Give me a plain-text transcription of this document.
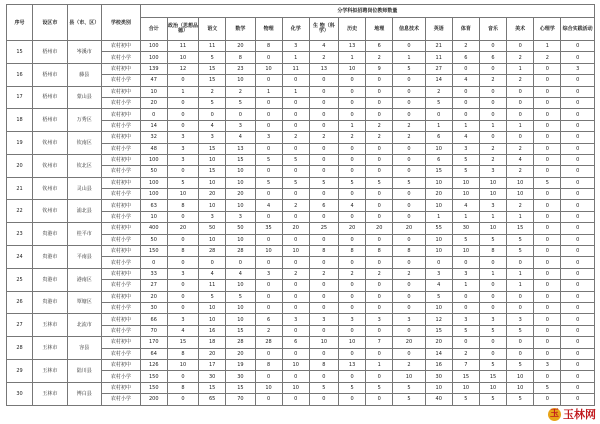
序号	设区市	县（市、区）	学校类别	分学科拟招聘岗位教师数量															
				合计	政治（思想品德）	语文	数学	物理	化学	生 物（科学）	历史	地理	信息技术	英语	体育	音乐	美术	心理学	综合实践活动
15	梧州市	岑溪市	农村初中	100	11	11	20	8	3	4	13	6	0	21	2	0	0	1	0
			农村小学	100	10	5	8	0	1	2	1	2	1	11	6	6	2	2	0
16	梧州市	藤县	农村初中	139	12	15	23	10	11	13	10	9	5	27	0	0	1	0	3
			农村小学	47	0	15	10	0	0	0	0	0	0	14	4	2	2	0	0
17	梧州市	蒙山县	农村初中	10	1	2	2	1	1	0	0	0	0	2	0	0	0	0	0
			农村小学	20	0	5	5	0	0	0	0	0	0	5	0	0	0	0	0
18	梧州市	万秀区	农村初中	0	0	0	0	0	0	0	0	0	0	0	0	0	0	0	0
			农村小学	14	0	4	3	0	0	0	1	2	2	1	1	1	1	0	0
19	钦州市	钦南区	农村初中	32	3	3	4	3	2	2	2	2	2	6	4	0	0	0	0
			农村小学	48	3	15	13	0	0	0	0	0	0	10	3	2	2	0	0
20	钦州市	钦北区	农村初中	100	3	10	15	5	5	0	0	0	0	6	5	2	4	0	0
			农村小学	50	0	15	10	0	0	0	0	0	0	15	5	3	2	0	0
21	钦州市	灵山县	农村初中	100	5	10	10	5	5	5	5	5	5	10	10	10	10	5	0
			农村小学	100	10	20	20	0	0	0	0	0	0	20	10	10	10	0	0
22	钦州市	浦北县	农村初中	63	8	10	10	4	2	6	4	0	0	10	4	3	2	0	0
			农村小学	10	0	3	3	0	0	0	0	0	0	1	1	1	1	0	0
23	贵港市	桂平市	农村初中	400	20	50	50	35	20	25	20	20	20	55	30	10	15	0	0
			农村小学	50	0	10	10	0	0	0	0	0	0	10	5	5	5	0	0
24	贵港市	平南县	农村初中	150	8	28	28	10	10	8	8	8	8	10	10	8	5	0	0
			农村小学	0	0	0	0	0	0	0	0	0	0	0	0	0	0	0	0
25	贵港市	港南区	农村初中	33	3	4	4	3	2	2	2	2	2	3	3	1	1	0	0
			农村小学	27	0	11	10	0	0	0	0	0	0	4	1	0	1	0	0
26	贵港市	覃塘区	农村初中	20	0	5	5	0	0	0	0	0	0	5	0	0	0	0	0
			农村小学	30	0	10	10	0	0	0	0	0	0	10	0	0	0	0	0
27	玉林市	北流市	农村初中	66	3	10	10	6	3	3	3	3	3	12	3	3	3	0	0
			农村小学	70	4	16	15	2	0	0	0	0	0	15	5	5	5	0	0
28	玉林市	容县	农村初中	170	15	18	28	28	6	10	10	7	20	20	0	0	0	0	0
			农村小学	64	8	20	20	0	0	0	0	0	0	14	2	0	0	0	0
29	玉林市	陆川县	农村初中	126	10	17	19	8	10	8	13	1	2	16	7	5	5	3	0
			农村小学	150	0	30	30	0	0	0	0	0	10	30	15	15	10	0	0
30	玉林市	博白县	农村初中	150	8	15	15	10	10	5	5	5	5	10	10	10	10	5	0
			农村小学	200	0	65	70	0	0	0	0	0	5	40	5	5	5	0	0
玉 玉林网
